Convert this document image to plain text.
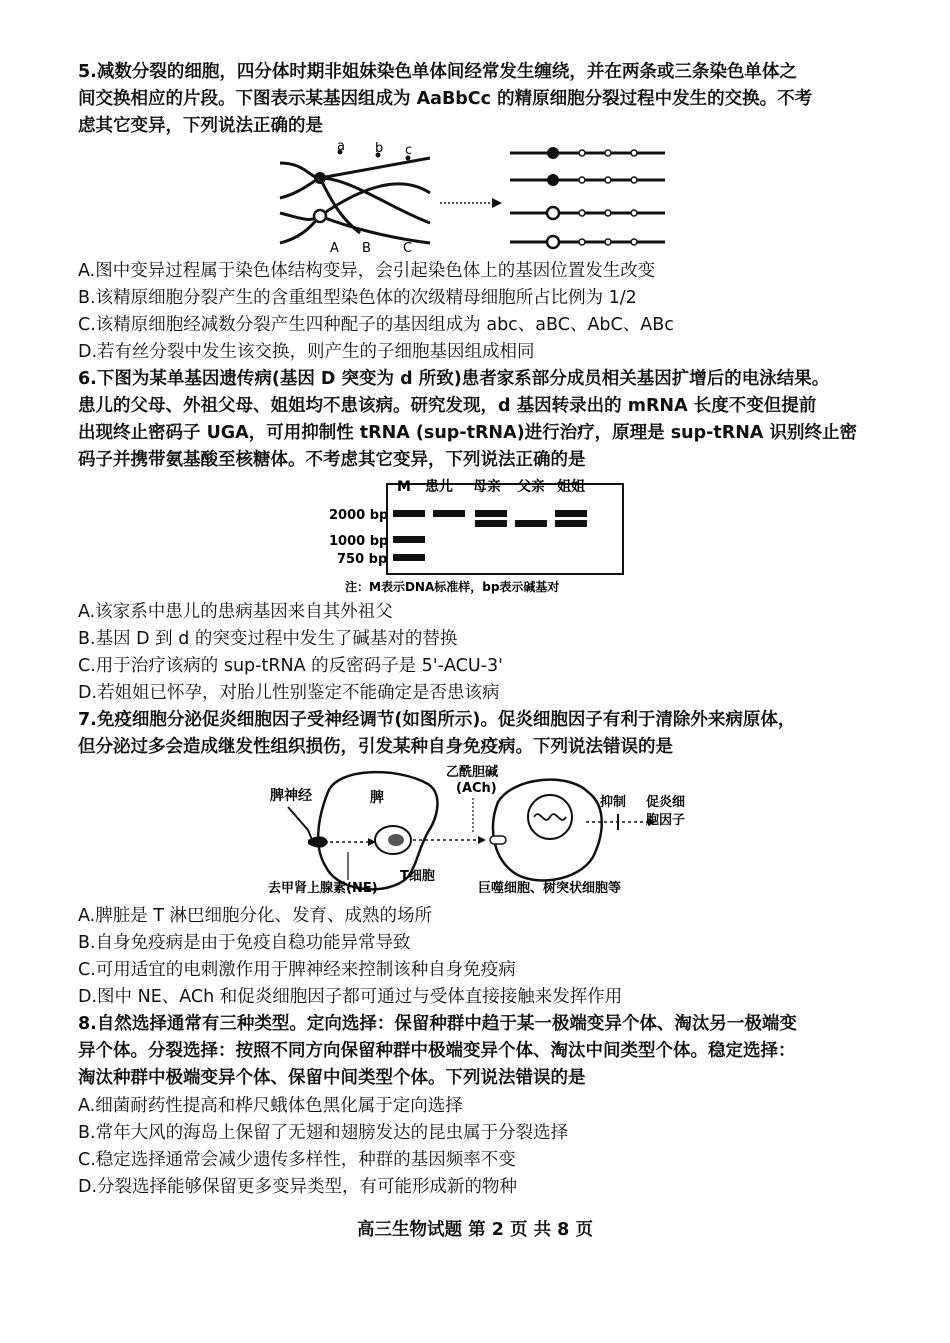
5.减数分裂的细胞，四分体时期非姐妹染色单体间经常发生缠绕，并在两条或三条染色单体之
间交换相应的片段。下图表示某基因组成为 AaBbCc 的精原细胞分裂过程中发生的交换。不考
虑其它变异，下列说法正确的是
a b c
A B C
A.图中变异过程属于染色体结构变异，会引起染色体上的基因位置发生改变
B.该精原细胞分裂产生的含重组型染色体的次级精母细胞所占比例为 1/2
C.该精原细胞经减数分裂产生四种配子的基因组成为 abc、aBC、AbC、ABc
D.若有丝分裂中发生该交换，则产生的子细胞基因组成相同
6.下图为某单基因遗传病(基因 D 突变为 d 所致)患者家系部分成员相关基因扩增后的电泳结果。
患儿的父母、外祖父母、姐姐均不患该病。研究发现，d 基因转录出的 mRNA 长度不变但提前
出现终止密码子 UGA，可用抑制性 tRNA (sup-tRNA)进行治疗，原理是 sup-tRNA 识别终止密
码子并携带氨基酸至核糖体。不考虑其它变异，下列说法正确的是
M 患儿 母亲 父亲 姐姐
2000 bp
1000 bp
750 bp
注：M表示DNA标准样，bp表示碱基对
A.该家系中患儿的患病基因来自其外祖父
B.基因 D 到 d 的突变过程中发生了碱基对的替换
C.用于治疗该病的 sup-tRNA 的反密码子是 5'-ACU-3'
D.若姐姐已怀孕，对胎儿性别鉴定不能确定是否患该病
7.免疫细胞分泌促炎细胞因子受神经调节(如图所示)。促炎细胞因子有利于清除外来病原体，
但分泌过多会造成继发性组织损伤，引发某种自身免疫病。下列说法错误的是
脾神经	脾
T细胞
乙酰胆碱
(ACh)
巨噬细胞、树突状细胞等
抑制 促炎细
胞因子
去甲肾上腺素(NE)
A.脾脏是 T 淋巴细胞分化、发育、成熟的场所
B.自身免疫病是由于免疫自稳功能异常导致
C.可用适宜的电刺激作用于脾神经来控制该种自身免疫病
D.图中 NE、ACh 和促炎细胞因子都可通过与受体直接接触来发挥作用
8.自然选择通常有三种类型。定向选择：保留种群中趋于某一极端变异个体、淘汰另一极端变
异个体。分裂选择：按照不同方向保留种群中极端变异个体、淘汰中间类型个体。稳定选择：
淘汰种群中极端变异个体、保留中间类型个体。下列说法错误的是
A.细菌耐药性提高和桦尺蛾体色黑化属于定向选择
B.常年大风的海岛上保留了无翅和翅膀发达的昆虫属于分裂选择
C.稳定选择通常会减少遗传多样性，种群的基因频率不变
D.分裂选择能够保留更多变异类型，有可能形成新的物种
高三生物试题 第 2 页 共 8 页
